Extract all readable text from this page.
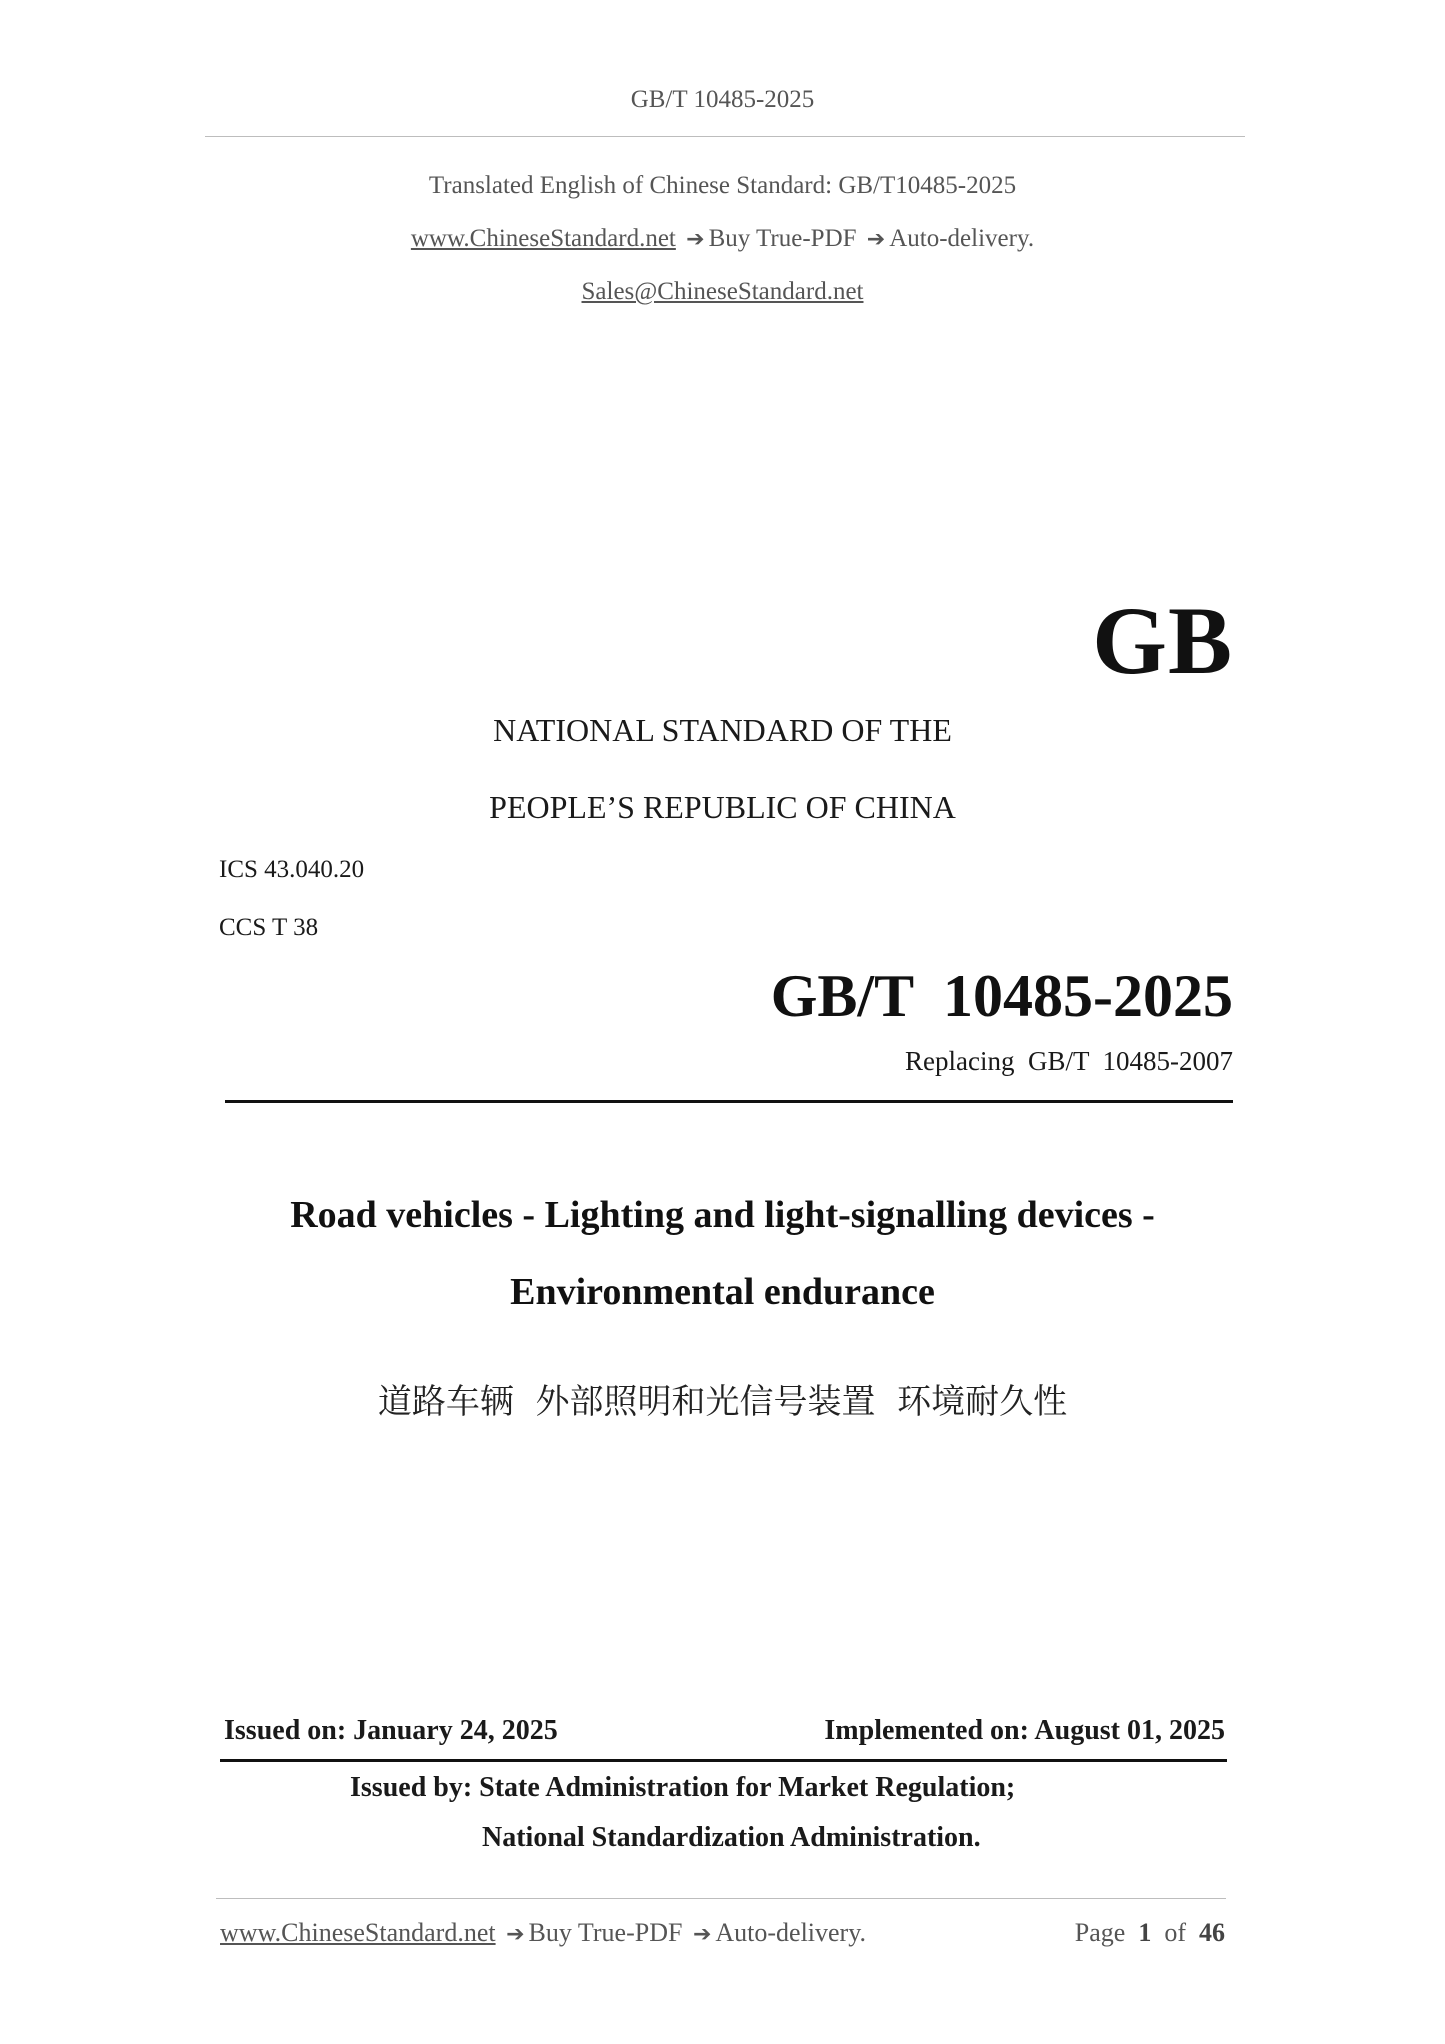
GB/T 10485-2025
Translated English of Chinese Standard: GB/T10485-2025
www.ChineseStandard.net ➔ Buy True-PDF ➔ Auto-delivery.
Sales@ChineseStandard.net
GB
NATIONAL STANDARD OF THE
PEOPLE’S REPUBLIC OF CHINA
ICS 43.040.20
CCS T 38
GB/T  10485-2025
Replacing  GB/T  10485-2007
Road vehicles - Lighting and light-signalling devices -
Environmental endurance
道路车辆  外部照明和光信号装置  环境耐久性
Issued on: January 24, 2025	Implemented on: August 01, 2025
Issued by: State Administration for Market Regulation;
National Standardization Administration.
www.ChineseStandard.net ➔ Buy True-PDF ➔ Auto-delivery.	Page 1 of 46
